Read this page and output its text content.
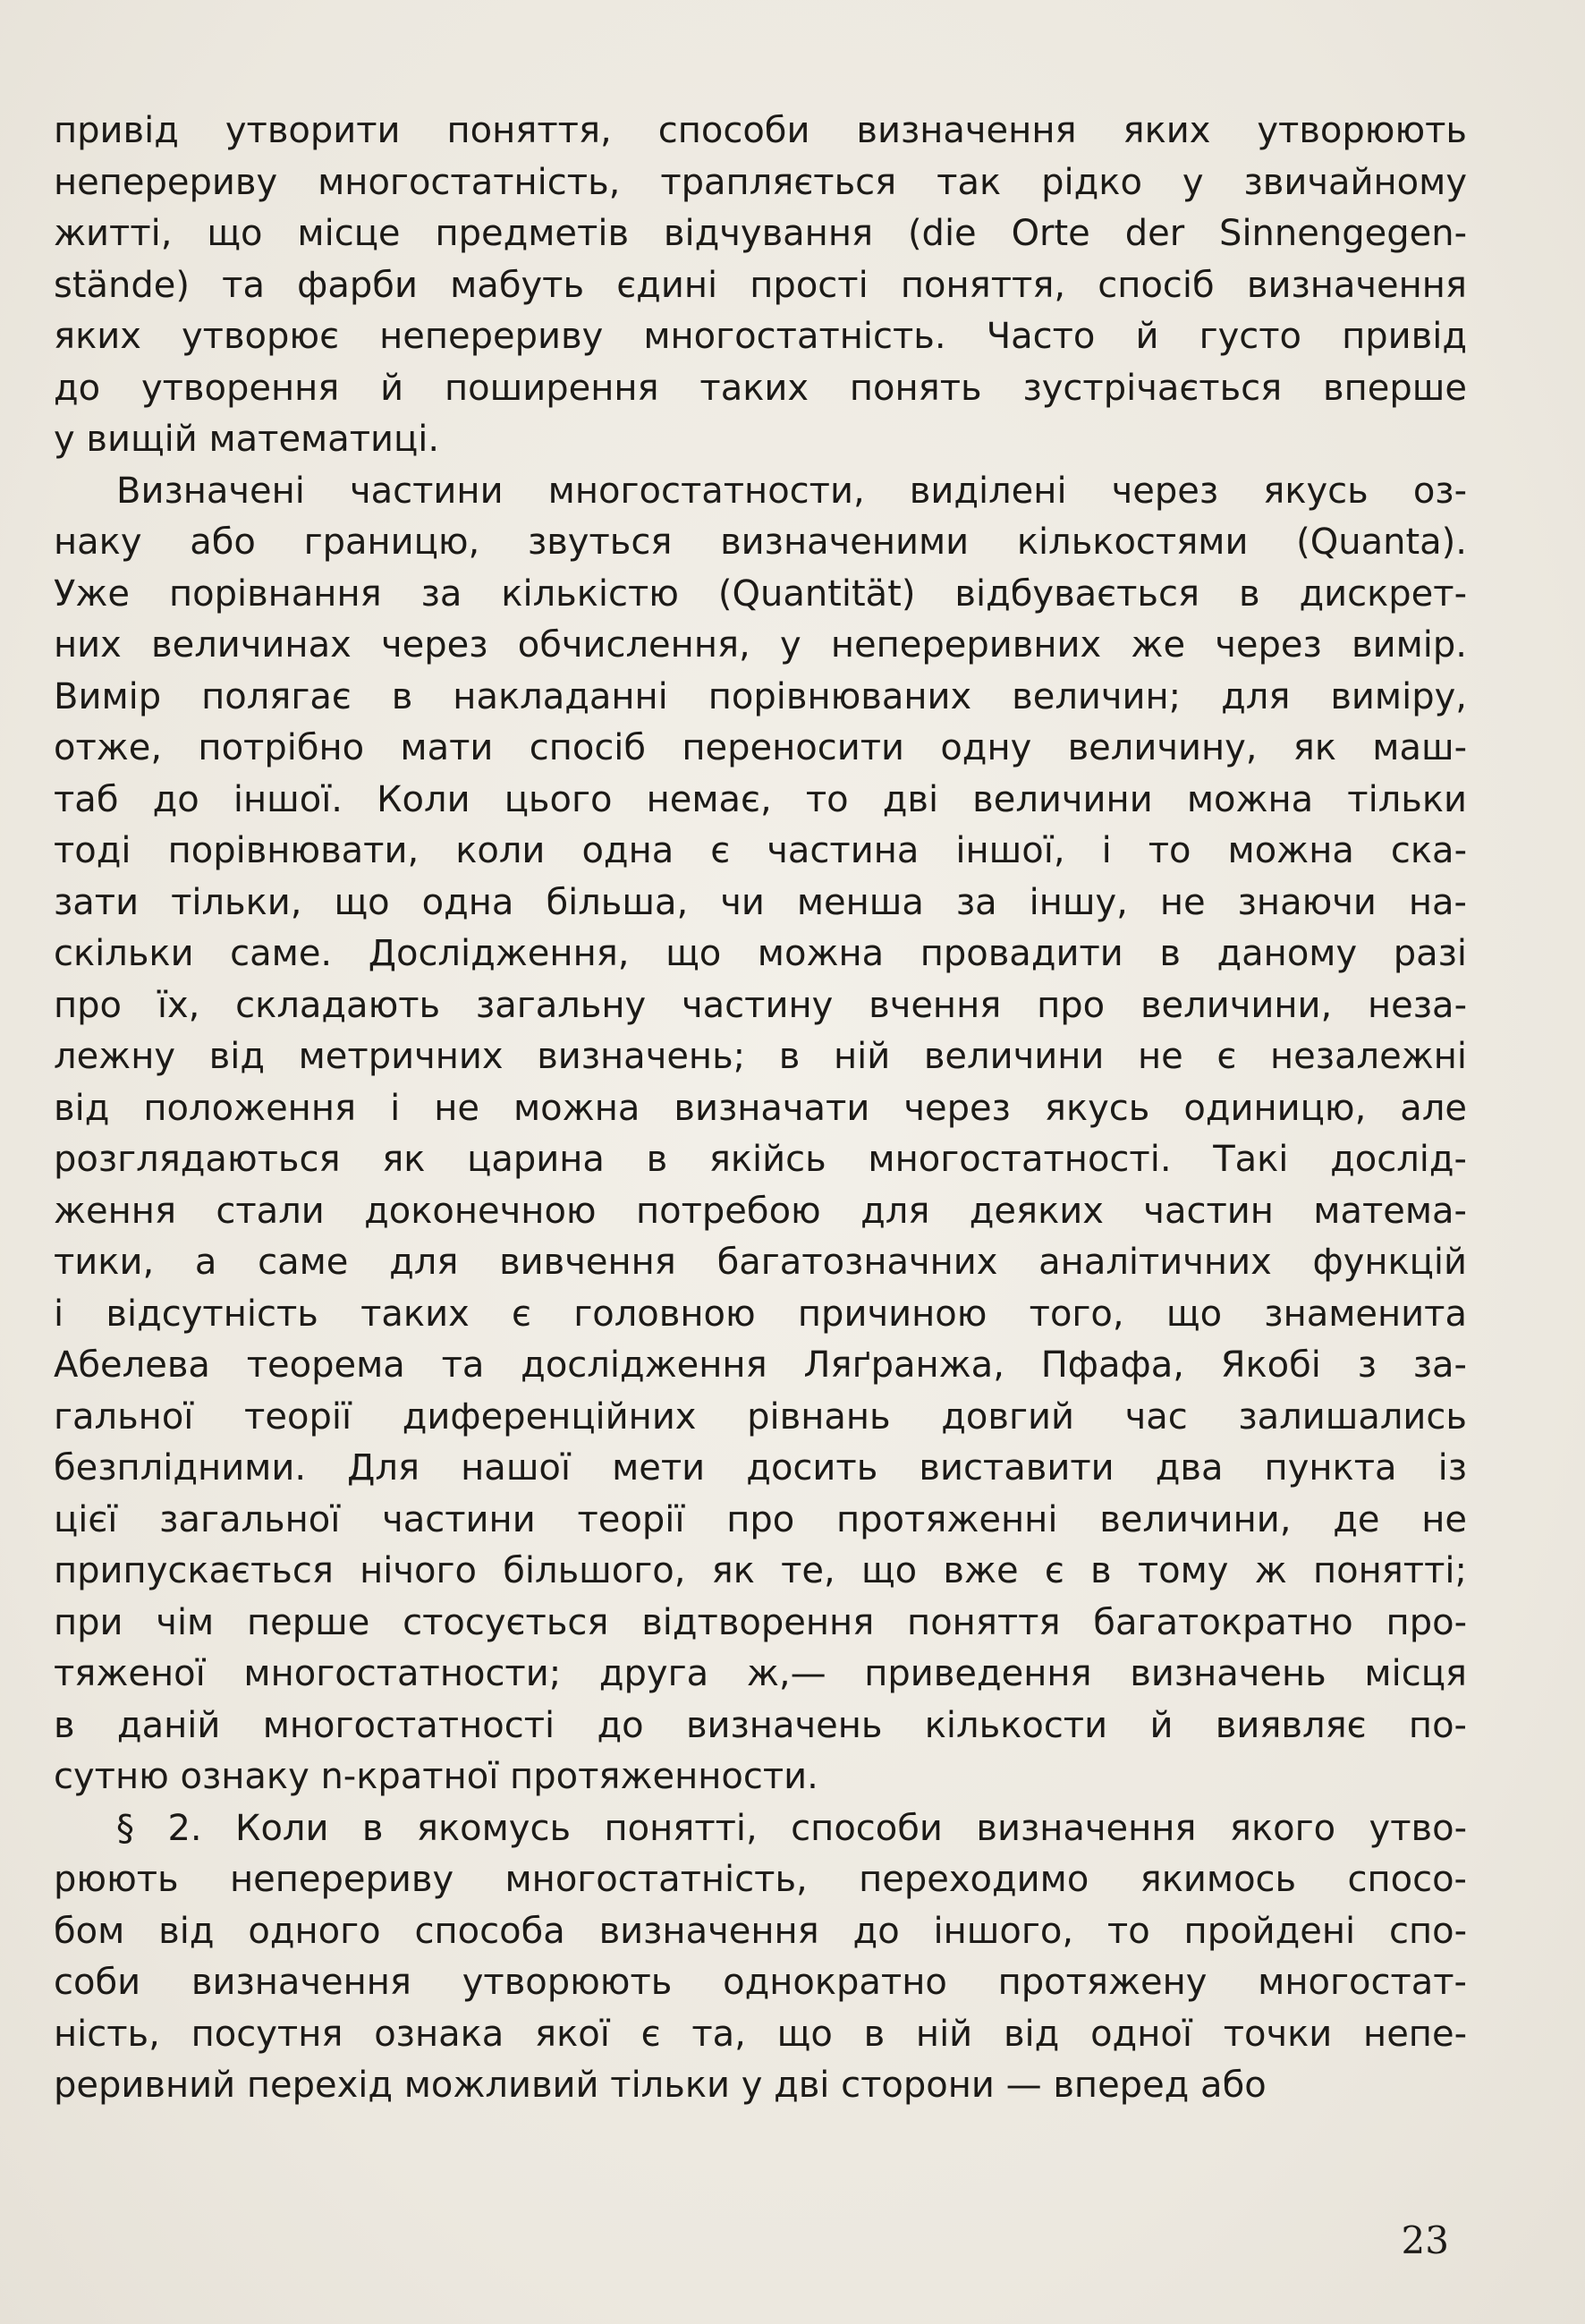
привід утворити поняття, способи визначення яких утворюють
неперериву многостатність, трапляється так рідко у звичайному
житті, що місце предметів відчування (die Orte der Sinnengegen-
stände) та фарби мабуть єдині прості поняття, спосіб визначення
яких утворює неперериву многостатність. Часто й густо привід
до утворення й поширення таких понять зустрічається вперше
у вищій математиці.
Визначені частини многостатности, виділені через якусь оз-
наку або границю, звуться визначеними кількостями (Quanta).
Уже порівнання за кількістю (Quantität) відбувається в дискрет-
них величинах через обчислення, у непереривних же через вимір.
Вимір полягає в накладанні порівнюваних величин; для виміру,
отже, потрібно мати спосіб переносити одну величину, як маш-
таб до іншої. Коли цього немає, то дві величини можна тільки
тоді порівнювати, коли одна є частина іншої, і то можна ска-
зати тільки, що одна більша, чи менша за іншу, не знаючи на-
скільки саме. Дослідження, що можна провадити в даному разі
про їх, складають загальну частину вчення про величини, неза-
лежну від метричних визначень; в ній величини не є незалежні
від положення і не можна визначати через якусь одиницю, але
розглядаються як царина в якійсь многостатності. Такі дослід-
ження стали доконечною потребою для деяких частин матема-
тики, а саме для вивчення багатозначних аналітичних функцій
і відсутність таких є головною причиною того, що знаменита
Абелева теорема та дослідження Ляґранжа, Пфафа, Якобі з за-
гальної теорії диференційних рівнань довгий час залишались
безплідними. Для нашої мети досить виставити два пункта із
цієї загальної частини теорії про протяженні величини, де не
припускається нічого більшого, як те, що вже є в тому ж понятті;
при чім перше стосується відтворення поняття багатократно про-
тяженої многостатности; друга ж,— приведення визначень місця
в даній многостатності до визначень кількости й виявляє по-
сутню ознаку n-кратної протяженности.
§ 2. Коли в якомусь понятті, способи визначення якого утво-
рюють неперериву многостатність, переходимо якимось спосо-
бом від одного способа визначення до іншого, то пройдені спо-
соби визначення утворюють однократно протяжену многостат-
ність, посутня ознака якої є та, що в ній від одної точки непе-
реривний перехід можливий тільки у дві сторони — вперед або
23
